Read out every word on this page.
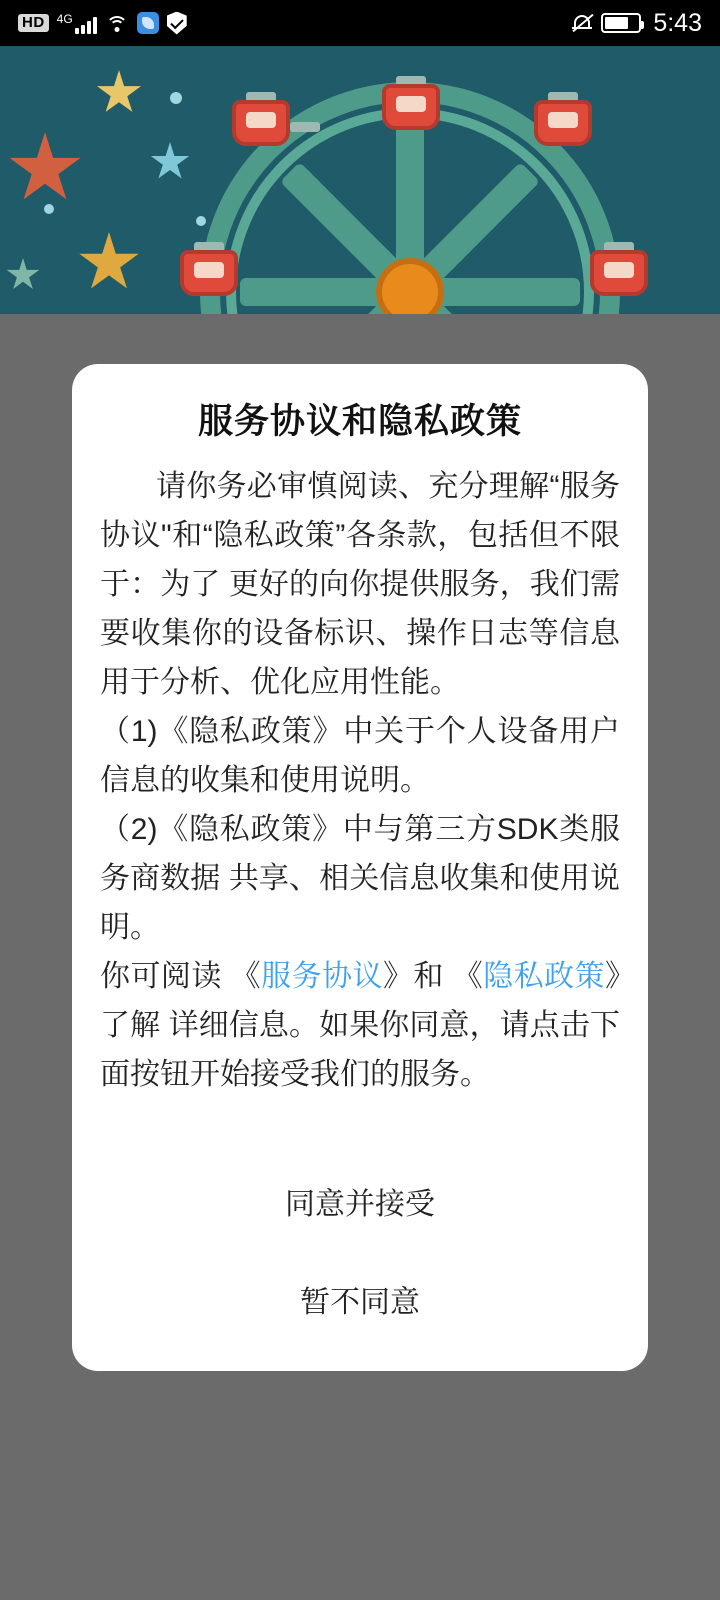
HD	4G	5:43
服务协议和隐私政策

请你务必审慎阅读、充分理解“服务协议"和“隐私政策”各条款，包括但不限于：为了 更好的向你提供服务，我们需要收集你的设备标识、操作日志等信息用于分析、优化应用性能。

（1)《隐私政策》中关于个人设备用户信息的收集和使用说明。

（2)《隐私政策》中与第三方SDK类服务商数据 共享、相关信息收集和使用说明。

你可阅读 《服务协议》和 《隐私政策》了解 详细信息。如果你同意，请点击下面按钮开始接受我们的服务。

同意并接受
暂不同意
